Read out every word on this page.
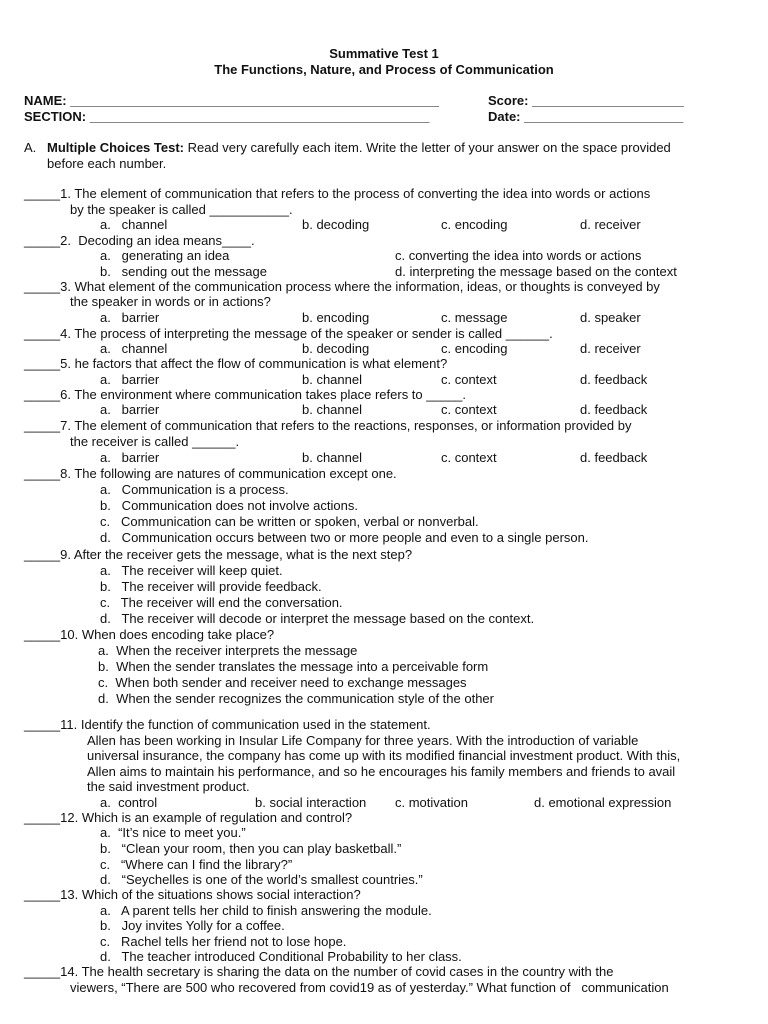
Summative Test 1
The Functions, Nature, and Process of Communication
NAME: ___________________________________________________	Score: _____________________
SECTION: _______________________________________________	Date: ______________________
A. Multiple Choices Test: Read very carefully each item. Write the letter of your answer on the space provided
before each number.
_____1. The element of communication that refers to the process of converting the idea into words or actions
by the speaker is called ___________.
a.   channel	b. decoding	c. encoding	d. receiver
_____2.  Decoding an idea means____.
a.   generating an idea	c. converting the idea into words or actions
b.   sending out the message	d. interpreting the message based on the context
_____3. What element of the communication process where the information, ideas, or thoughts is conveyed by
the speaker in words or in actions?
a.   barrier	b. encoding	c. message	d. speaker
_____4. The process of interpreting the message of the speaker or sender is called ______.
a.   channel	b. decoding	c. encoding	d. receiver
_____5. he factors that affect the flow of communication is what element?
a.   barrier	b. channel	c. context	d. feedback
_____6. The environment where communication takes place refers to _____.
a.   barrier	b. channel	c. context	d. feedback
_____7. The element of communication that refers to the reactions, responses, or information provided by
the receiver is called ______.
a.   barrier	b. channel	c. context	d. feedback
_____8. The following are natures of communication except one.
a.   Communication is a process.
b.   Communication does not involve actions.
c.   Communication can be written or spoken, verbal or nonverbal.
d.   Communication occurs between two or more people and even to a single person.
_____9. After the receiver gets the message, what is the next step?
a.   The receiver will keep quiet.
b.   The receiver will provide feedback.
c.   The receiver will end the conversation.
d.   The receiver will decode or interpret the message based on the context.
_____10. When does encoding take place?
a.  When the receiver interprets the message
b.  When the sender translates the message into a perceivable form
c.  When both sender and receiver need to exchange messages
d.  When the sender recognizes the communication style of the other
_____11. Identify the function of communication used in the statement.
Allen has been working in Insular Life Company for three years. With the introduction of variable
universal insurance, the company has come up with its modified financial investment product. With this,
Allen aims to maintain his performance, and so he encourages his family members and friends to avail
the said investment product.
a.  control	b. social interaction c. motivation	d. emotional expression
_____12. Which is an example of regulation and control?
a.  “It’s nice to meet you.”
b.   “Clean your room, then you can play basketball.”
c.   “Where can I find the library?”
d.   “Seychelles is one of the world’s smallest countries.”
_____13. Which of the situations shows social interaction?
a.   A parent tells her child to finish answering the module.
b.   Joy invites Yolly for a coffee.
c.   Rachel tells her friend not to lose hope.
d.   The teacher introduced Conditional Probability to her class.
_____14. The health secretary is sharing the data on the number of covid cases in the country with the
viewers, “There are 500 who recovered from covid19 as of yesterday.” What function of   communication
